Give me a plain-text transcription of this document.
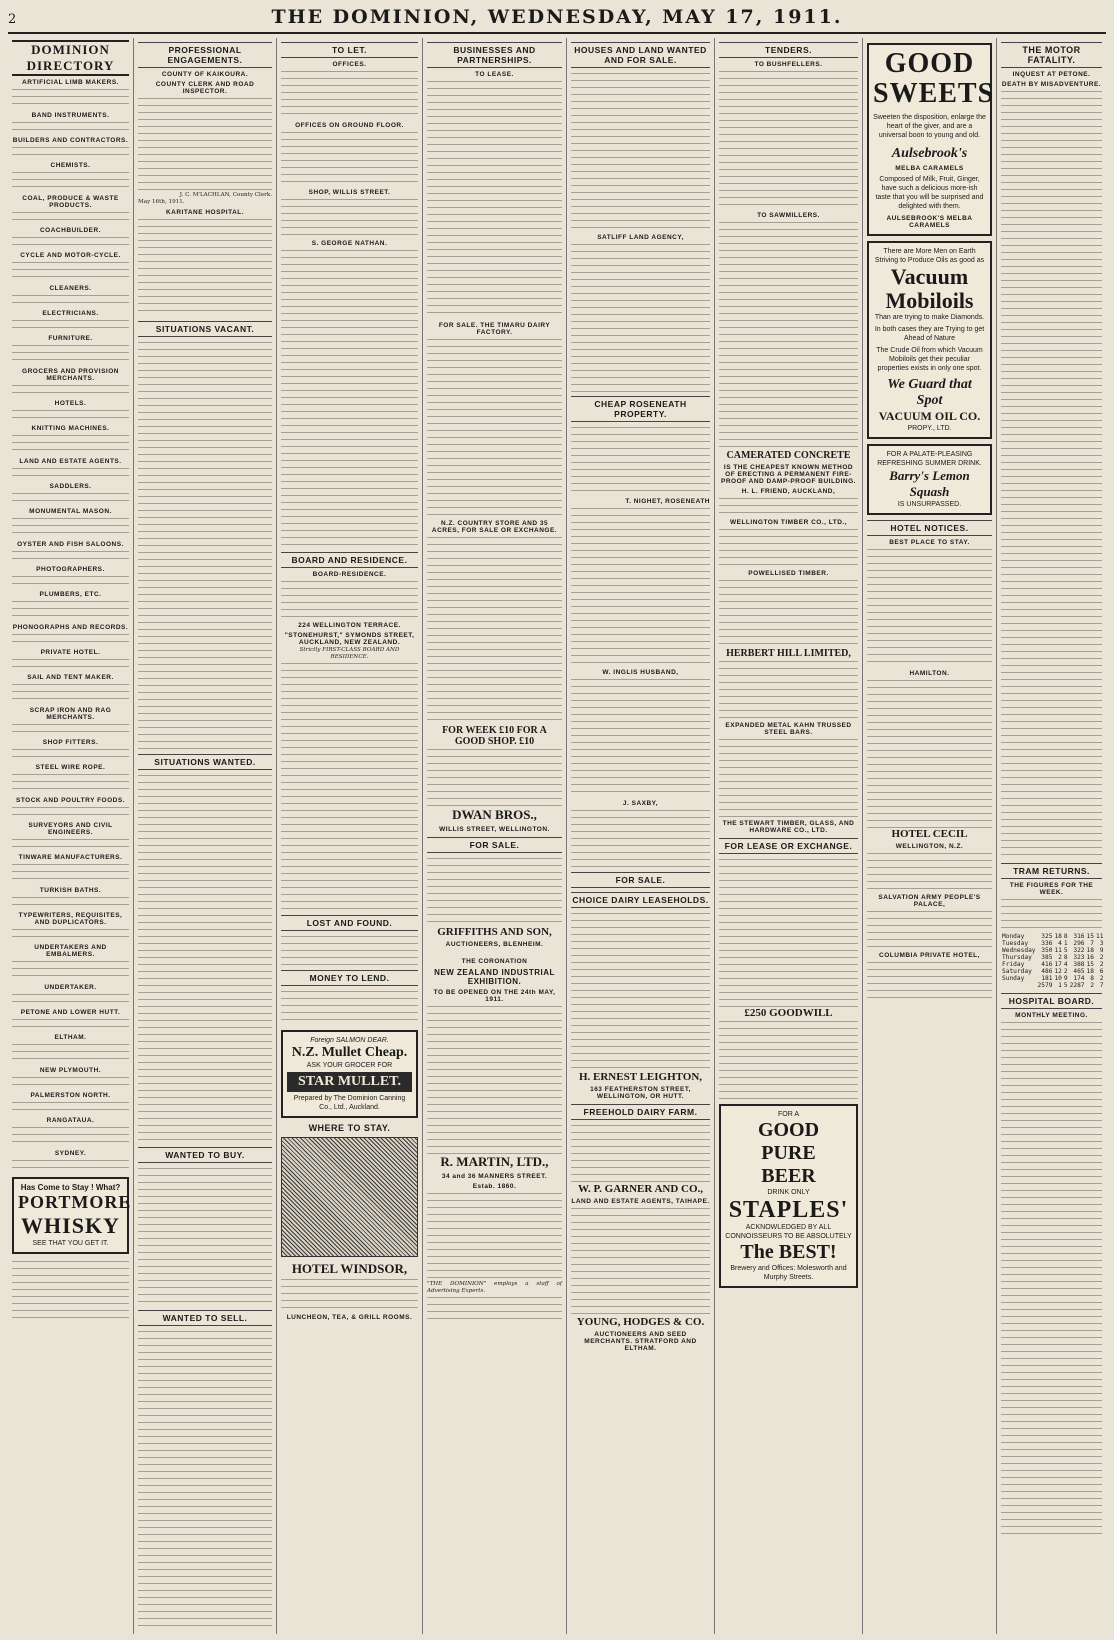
2	THE DOMINION, WEDNESDAY, MAY 17, 1911.
DOMINION DIRECTORY
ARTIFICIAL LIMB MAKERS.
BAND INSTRUMENTS.
BUILDERS AND CONTRACTORS.
CHEMISTS.
COAL, PRODUCE & WASTE PRODUCTS.
COACHBUILDER.
CYCLE AND MOTOR-CYCLE.
CLEANERS.
ELECTRICIANS.
FURNITURE.
GROCERS AND PROVISION MERCHANTS.
HOTELS.
KNITTING MACHINES.
LAND AND ESTATE AGENTS.
SADDLERS.
MONUMENTAL MASON.
OYSTER AND FISH SALOONS.
PHOTOGRAPHERS.
PLUMBERS, ETC.
PHONOGRAPHS AND RECORDS.
PRIVATE HOTEL.
SAIL AND TENT MAKER.
SCRAP IRON AND RAG MERCHANTS.
SHOP FITTERS.
STEEL WIRE ROPE.
STOCK AND POULTRY FOODS.
SURVEYORS AND CIVIL ENGINEERS.
TINWARE MANUFACTURERS.
TURKISH BATHS.
TYPEWRITERS, REQUISITES, AND DUPLICATORS.
UNDERTAKERS AND EMBALMERS.
UNDERTAKER.
PETONE AND LOWER HUTT.
ELTHAM.
NEW PLYMOUTH.
PALMERSTON NORTH.
RANGATAUA.
SYDNEY.
Has Come to Stay ! What?
PORTMORE
WHISKY
SEE THAT YOU GET IT.
PROFESSIONAL ENGAGEMENTS.
COUNTY OF KAIKOURA.
COUNTY CLERK AND ROAD INSPECTOR.
J. C. M'LACHLAN, County Clerk.
May 16th, 1911.
KARITANE HOSPITAL.
SITUATIONS VACANT.
SITUATIONS WANTED.
WANTED TO BUY.
WANTED TO SELL.
TO LET.
OFFICES.
OFFICES ON GROUND FLOOR.
SHOP, WILLIS STREET.
S. GEORGE NATHAN.
BOARD AND RESIDENCE.
BOARD-RESIDENCE.
224 WELLINGTON TERRACE.
"STONEHURST," SYMONDS STREET, AUCKLAND, NEW ZEALAND.
Strictly FIRST-CLASS BOARD AND RESIDENCE.
LOST AND FOUND.
MONEY TO LEND.
Foreign SALMON DEAR.
N.Z. Mullet Cheap.
ASK YOUR GROCER FOR
STAR MULLET.
Prepared by The Dominion Canning Co., Ltd., Auckland.
WHERE TO STAY.
HOTEL WINDSOR,
LUNCHEON, TEA, & GRILL ROOMS.
BUSINESSES AND PARTNERSHIPS.
TO LEASE.
FOR SALE. THE TIMARU DAIRY FACTORY.
N.Z. COUNTRY STORE AND 35 ACRES, FOR SALE OR EXCHANGE.
FOR WEEK £10 FOR A GOOD SHOP. £10
DWAN BROS.,
WILLIS STREET, WELLINGTON.
FOR SALE.
GRIFFITHS AND SON,
AUCTIONEERS, BLENHEIM.
THE CORONATION
NEW ZEALAND INDUSTRIAL EXHIBITION.
TO BE OPENED ON THE 24th MAY, 1911.
R. MARTIN, LTD.,
34 and 36 MANNERS STREET.
Estab. 1860.
"THE DOMINION" employs a staff of Advertising Experts.
HOUSES AND LAND WANTED AND FOR SALE.
SATLIFF LAND AGENCY,
CHEAP ROSENEATH PROPERTY.
T. NIGHET, ROSENEATH
W. INGLIS HUSBAND,
J. SAXBY,
FOR SALE.
CHOICE DAIRY LEASEHOLDS.
H. ERNEST LEIGHTON,
163 FEATHERSTON STREET, WELLINGTON, OR HUTT.
FREEHOLD DAIRY FARM.
W. P. GARNER AND CO.,
LAND AND ESTATE AGENTS, TAIHAPE.
YOUNG, HODGES & CO.
AUCTIONEERS AND SEED MERCHANTS. STRATFORD AND ELTHAM.
TENDERS.
TO BUSHFELLERS.
TO SAWMILLERS.
CAMERATED CONCRETE
IS THE CHEAPEST KNOWN METHOD OF ERECTING A PERMANENT FIRE-PROOF AND DAMP-PROOF BUILDING.
H. L. FRIEND, AUCKLAND,
WELLINGTON TIMBER CO., LTD.,
POWELLISED TIMBER.
HERBERT HILL LIMITED,
EXPANDED METAL KAHN TRUSSED STEEL BARS.
THE STEWART TIMBER, GLASS, AND HARDWARE CO., LTD.
FOR LEASE OR EXCHANGE.
£250 GOODWILL
FOR A
GOOD
PURE
BEER
DRINK ONLY
STAPLES'
ACKNOWLEDGED BY ALL CONNOISSEURS TO BE ABSOLUTELY
The BEST!
Brewery and Offices: Molesworth and Murphy Streets.
GOOD
SWEETS
Sweeten the disposition, enlarge the heart of the giver, and are a universal boon to young and old.
Aulsebrook's
MELBA CARAMELS
Composed of Milk, Fruit, Ginger, have such a delicious more-ish taste that you will be surprised and delighted with them.
AULSEBROOK'S MELBA CARAMELS
There are More Men on Earth Striving to Produce Oils as good as
Vacuum
Mobiloils
Than are trying to make Diamonds.
In both cases they are Trying to get Ahead of Nature
The Crude Oil from which Vacuum Mobiloils get their peculiar properties exists in only one spot.
We Guard that Spot
VACUUM OIL CO.
PROPY., LTD.
FOR A PALATE-PLEASING REFRESHING SUMMER DRINK.
Barry's Lemon Squash
IS UNSURPASSED.
HOTEL NOTICES.
BEST PLACE TO STAY.
HAMILTON.
HOTEL CECIL
WELLINGTON, N.Z.
SALVATION ARMY PEOPLE'S PALACE,
COLUMBIA PRIVATE HOTEL,
THE MOTOR FATALITY.
INQUEST AT PETONE.
DEATH BY MISADVENTURE.
TRAM RETURNS.
THE FIGURES FOR THE WEEK.
Monday	325	18	8	316	15	11
Tuesday	336	4	1	296	7	3
Wednesday	350	11	5	322	18	9
Thursday	385	2	8	323	16	2
Friday	416	17	4	388	15	2
Saturday	486	12	2	465	18	6
Sunday	181	10	9	174	8	2
	2579	1	5	2287	2	7
HOSPITAL BOARD.
MONTHLY MEETING.
